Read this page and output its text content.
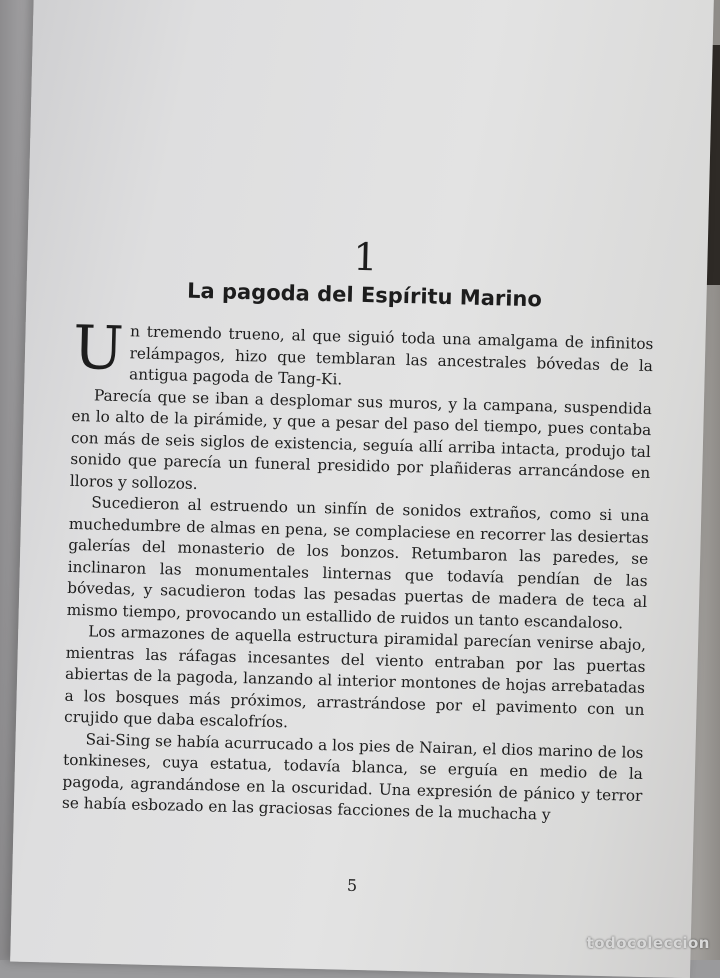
1
La pagoda del Espíritu Marino

Un tremendo trueno, al que siguió toda una amalgama de infinitos relámpagos, hizo que temblaran las ancestrales bóvedas de la antigua pagoda de Tang-Ki.

Parecía que se iban a desplomar sus muros, y la campana, suspendida en lo alto de la pirámide, y que a pesar del paso del tiempo, pues contaba con más de seis siglos de existencia, seguía allí arriba intacta, produjo tal sonido que parecía un funeral presidido por plañideras arrancándose en lloros y sollozos.

Sucedieron al estruendo un sinfín de sonidos extraños, como si una muchedumbre de almas en pena, se complaciese en recorrer las desiertas galerías del monasterio de los bonzos. Retumbaron las paredes, se inclinaron las monumentales linternas que todavía pendían de las bóvedas, y sacudieron todas las pesadas puertas de madera de teca al mismo tiempo, provocando un estallido de ruidos un tanto escandaloso.

Los armazones de aquella estructura piramidal parecían venirse abajo, mientras las ráfagas incesantes del viento entraban por las puertas abiertas de la pagoda, lanzando al interior montones de hojas arrebatadas a los bosques más próximos, arrastrándose por el pavimento con un crujido que daba escalofríos.

Sai-Sing se había acurrucado a los pies de Nairan, el dios marino de los tonkineses, cuya estatua, todavía blanca, se erguía en medio de la pagoda, agrandándose en la oscuridad. Una expresión de pánico y terror se había esbozado en las graciosas facciones de la muchacha y

5
todocoleccion
